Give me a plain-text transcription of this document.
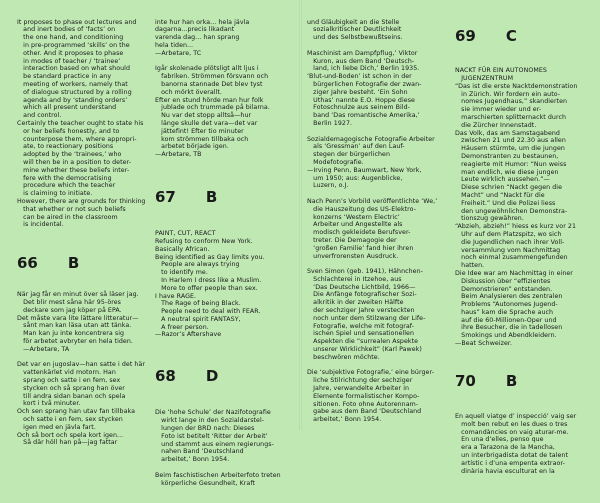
It proposes to phase out lectures and
and inert bodies of ‘facts’ on
the one hand, and conditioning
in pre-programmed ‘skills’ on the
other. And it proposes to phase
in modes of teacher / ‘trainee’
interaction based on what should
be standard practice in any
meeting of workers, namely that
of dialogue structured by a rolling
agenda and by ‘standing orders’
which all present understand
and control.
Certainly the teacher ought to state his
or her beliefs honestly, and to
counterpose them, where appropri-
ate, to reactionary positions
adopted by the ‘trainees,’ who
will then be in a position to deter-
mine whether these beliefs inter-
fere with the democratising
procedure which the teacher
is claiming to initiate.
However, there are grounds for thinking
that whether or not such beliefs
can be aired in the classroom
is incidental.

66 B

När jag får en minut över så läser jag.
Det blir mest såna här 95-öres
deckare som jag köper på EPA.
Det måste vara lite lättare litteratur—
sånt man kan läsa utan att tänka.
Man kan ju inte koncentrera sig
för arbetet avbryter en hela tiden.
—Arbetare, TA

Det var en jugoslav—han satte i det här
vattenkärlet vid motorn. Han
sprang och satte i en fem, sex
stycken och så sprang han över
till andra sidan banan och spela
kort i två minuter.
Och sen sprang han utav fan tillbaka
och satte i en fem, sex stycken
igen med en jävla fart.
Och så bort och spela kort igen...
Så där höll han på—jag fattar

inte hur han orka... hela jävla
dagarna...precis likadant
varenda dag... han sprang
hela tiden...
—Arbetare, TC

Igår skolenade plötsligt allt ljus i
fabriken. Strömmen försvann och
banorna stannade Det blev tyst
och mörkt överallt.
Efter en stund hörde man hur folk
jublade och trummade på bilarna.
Nu var det stopp alltså—hur
länge skulle det vara—det var
jättefint! Efter tio minuter
kom strömmen tillbaka och
arbetet började igen.
—Arbetare, TB

67 B

PAINT, CUT, REACT
Refusing to conform New York.
Basically African.
Being identified as Gay limits you.
People are always trying
to identify me.
In Harlem I dress like a Muslim.
More to offer people than sex.
I have RAGE.
The Rage of being Black.
People need to deal with FEAR.
A neutral spirit FANTASY,
A freer person.
—Razor’s Aftershave

68 D

Die ‘hohe Schule’ der Nazifotografie
wirkt lange in den Sozialdarstel-
lungen der BRD nach: Dieses
Foto ist betitelt ‘Ritter der Arbeit’
und stammt aus einem regierungs-
nahen Band ‘Deutschland
arbeitet,’ Bonn 1954.

Beim faschistischen Arbeiterfoto treten
körperliche Gesundheit, Kraft

und Gläubigkeit an die Stelle
sozialkritischer Deutlichkeit
und des Selbstbewußtseins.

Maschinist am Dampfpflug,’ Viktor
Kuron, aus dem Band ‘Deutsch-
land, ich liebe Dich,’ Berlin 1935.
‘Blut-und-Boden’ ist schon in der
bürgerlichen Fotografie der zwan-
ziger Jahre besteht. ‘Ein Sohn
Uthas’ nannte E.O. Hoppe diese
Fotoschnulze aus seinem Bild-
band ‘Das romantische Amerika,’
Berlin 1927.

Sozialdemagogische Fotografie Arbeiter
als ‘Gressman’ auf den Lauf-
stegen der bürgerlichen
Modefotografie.
—Irving Penn, Baumwart, New York,
um 1950; aus: Augenblicke,
Luzern, o.J.

Nach Penn’s Vorbild veröffentlichte ‘We,’
die Hauszeitung des US-Elektro-
konzerns ‘Western Electric’
Arbeiter und Angestellte als
modisch gekleidete Berufsver-
treter. Die Demagogie der
‘großen Familie’ fand hier ihren
unverfrorensten Ausdruck.

Sven Simon (geb. 1941), Hähnchen-
Schlachterei in Itzehoe, aus
‘Das Deutsche Lichtbild, 1966—
Die Anfänge fotografischer Sozi-
alkritik in der zweiten Hälfte
der sechziger Jahre versteckten
noch unter dem Stilzwang der Life-
Fotografie, welche mit fotograf-
ischen Spiel und sensationellen
Aspekten die “surrealen Aspekte
unserer Wirklichkeit” (Karl Pawek)
beschwören möchte.

Die ‘subjektive Fotografie,’ eine bürger-
liche Stilrichtung der sechziger
Jahre, verwandelte Arbeiter in
Elemente formalistischer Kompo-
sitionen. Foto ohne Autorennam-
gabe aus dem Band ‘Deutschland
arbeitet,’ Bonn 1954.

69 C

NACKT FÜR EIN AUTONOMES
JUGENZENTRUM
“Das ist die erste Nacktdemonstration
in Zürich. Wir fordern ein auto-
nomes Jugendhaus,” skandierten
sie immer wieder und er-
marschierten splitternackt durch
die Zürcher Innenstadt.
Das Volk, das am Samstagabend
zwischen 21 und 22.30 aus allen
Häusern stürmte, um die jungen
Demonstranten zu bestaunen,
reagierte mit Humor: “Nun weiss
man endlich, wie diese jungen
Leute wirklich aussehen.”—
Diese schrien “Nackt gegen die
Macht” und “Nackt für die
Freiheit.” Und die Polizei liess
den ungewöhnlichen Demonstra-
tionszug gewähren.
“Abzieh, abzieh!” hiess es kurz vor 21
Uhr auf dem Platzspitz, wo sich
die Jugendlichen nach ihrer Voll-
versammlung vom Nachmittag
noch einmal zusammengefunden
hatten.
Die Idee war am Nachmittag in einer
Diskussion über “effizientes
Demonstrieren” entstanden.
Beim Analysieren des zentralen
Problems “Autonomes Jugend-
haus” kam die Sprache auch
auf die 60-Millionen-Oper und
ihre Besucher, die in tadellosen
Smokings und Abendkleidern.
—Beat Schweizer.

70 B

En aquell viatge d’ inspecció’ vaig ser
molt ben rebut en les dues o tres
comandàncies on vaig aturar-me.
En una d’elles, penso que
era a Tarazona de la Mancha,
un interbrigadista dotat de talent
artístic i d’una empenta extraor-
dinària havia esculturat en la
